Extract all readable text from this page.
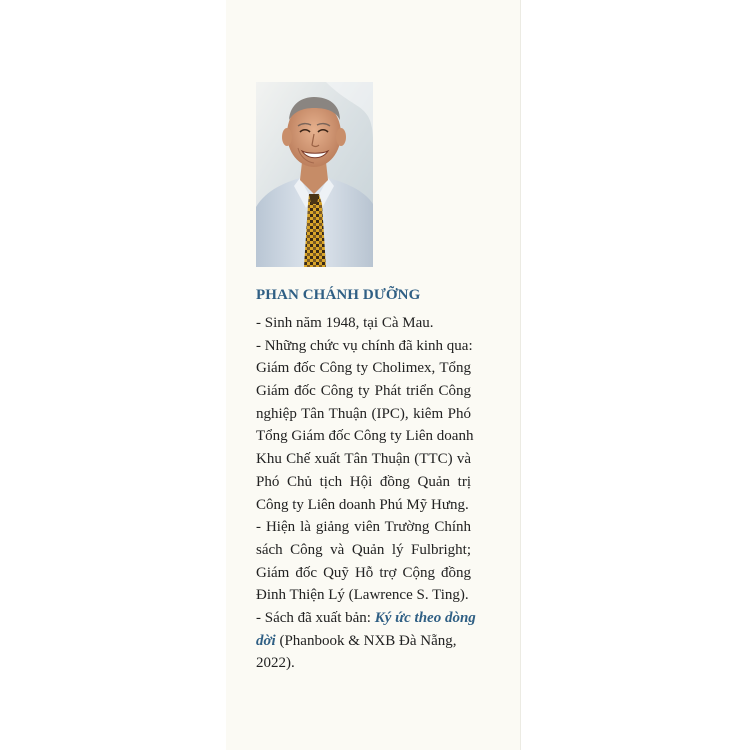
PHAN CHÁNH DƯỠNG
- Sinh năm 1948, tại Cà Mau.
- Những chức vụ chính đã kinh qua:
Giám đốc Công ty Cholimex, Tổng
Giám đốc Công ty Phát triển Công
nghiệp Tân Thuận (IPC), kiêm Phó
Tổng Giám đốc Công ty Liên doanh
Khu Chế xuất Tân Thuận (TTC) và
Phó Chủ tịch Hội đồng Quản trị
Công ty Liên doanh Phú Mỹ Hưng.
- Hiện là giảng viên Trường Chính
sách Công và Quản lý Fulbright;
Giám đốc Quỹ Hỗ trợ Cộng đồng
Đinh Thiện Lý (Lawrence S. Ting).
- Sách đã xuất bản: Ký ức theo dòng
dời (Phanbook & NXB Đà Nẵng,
2022).
